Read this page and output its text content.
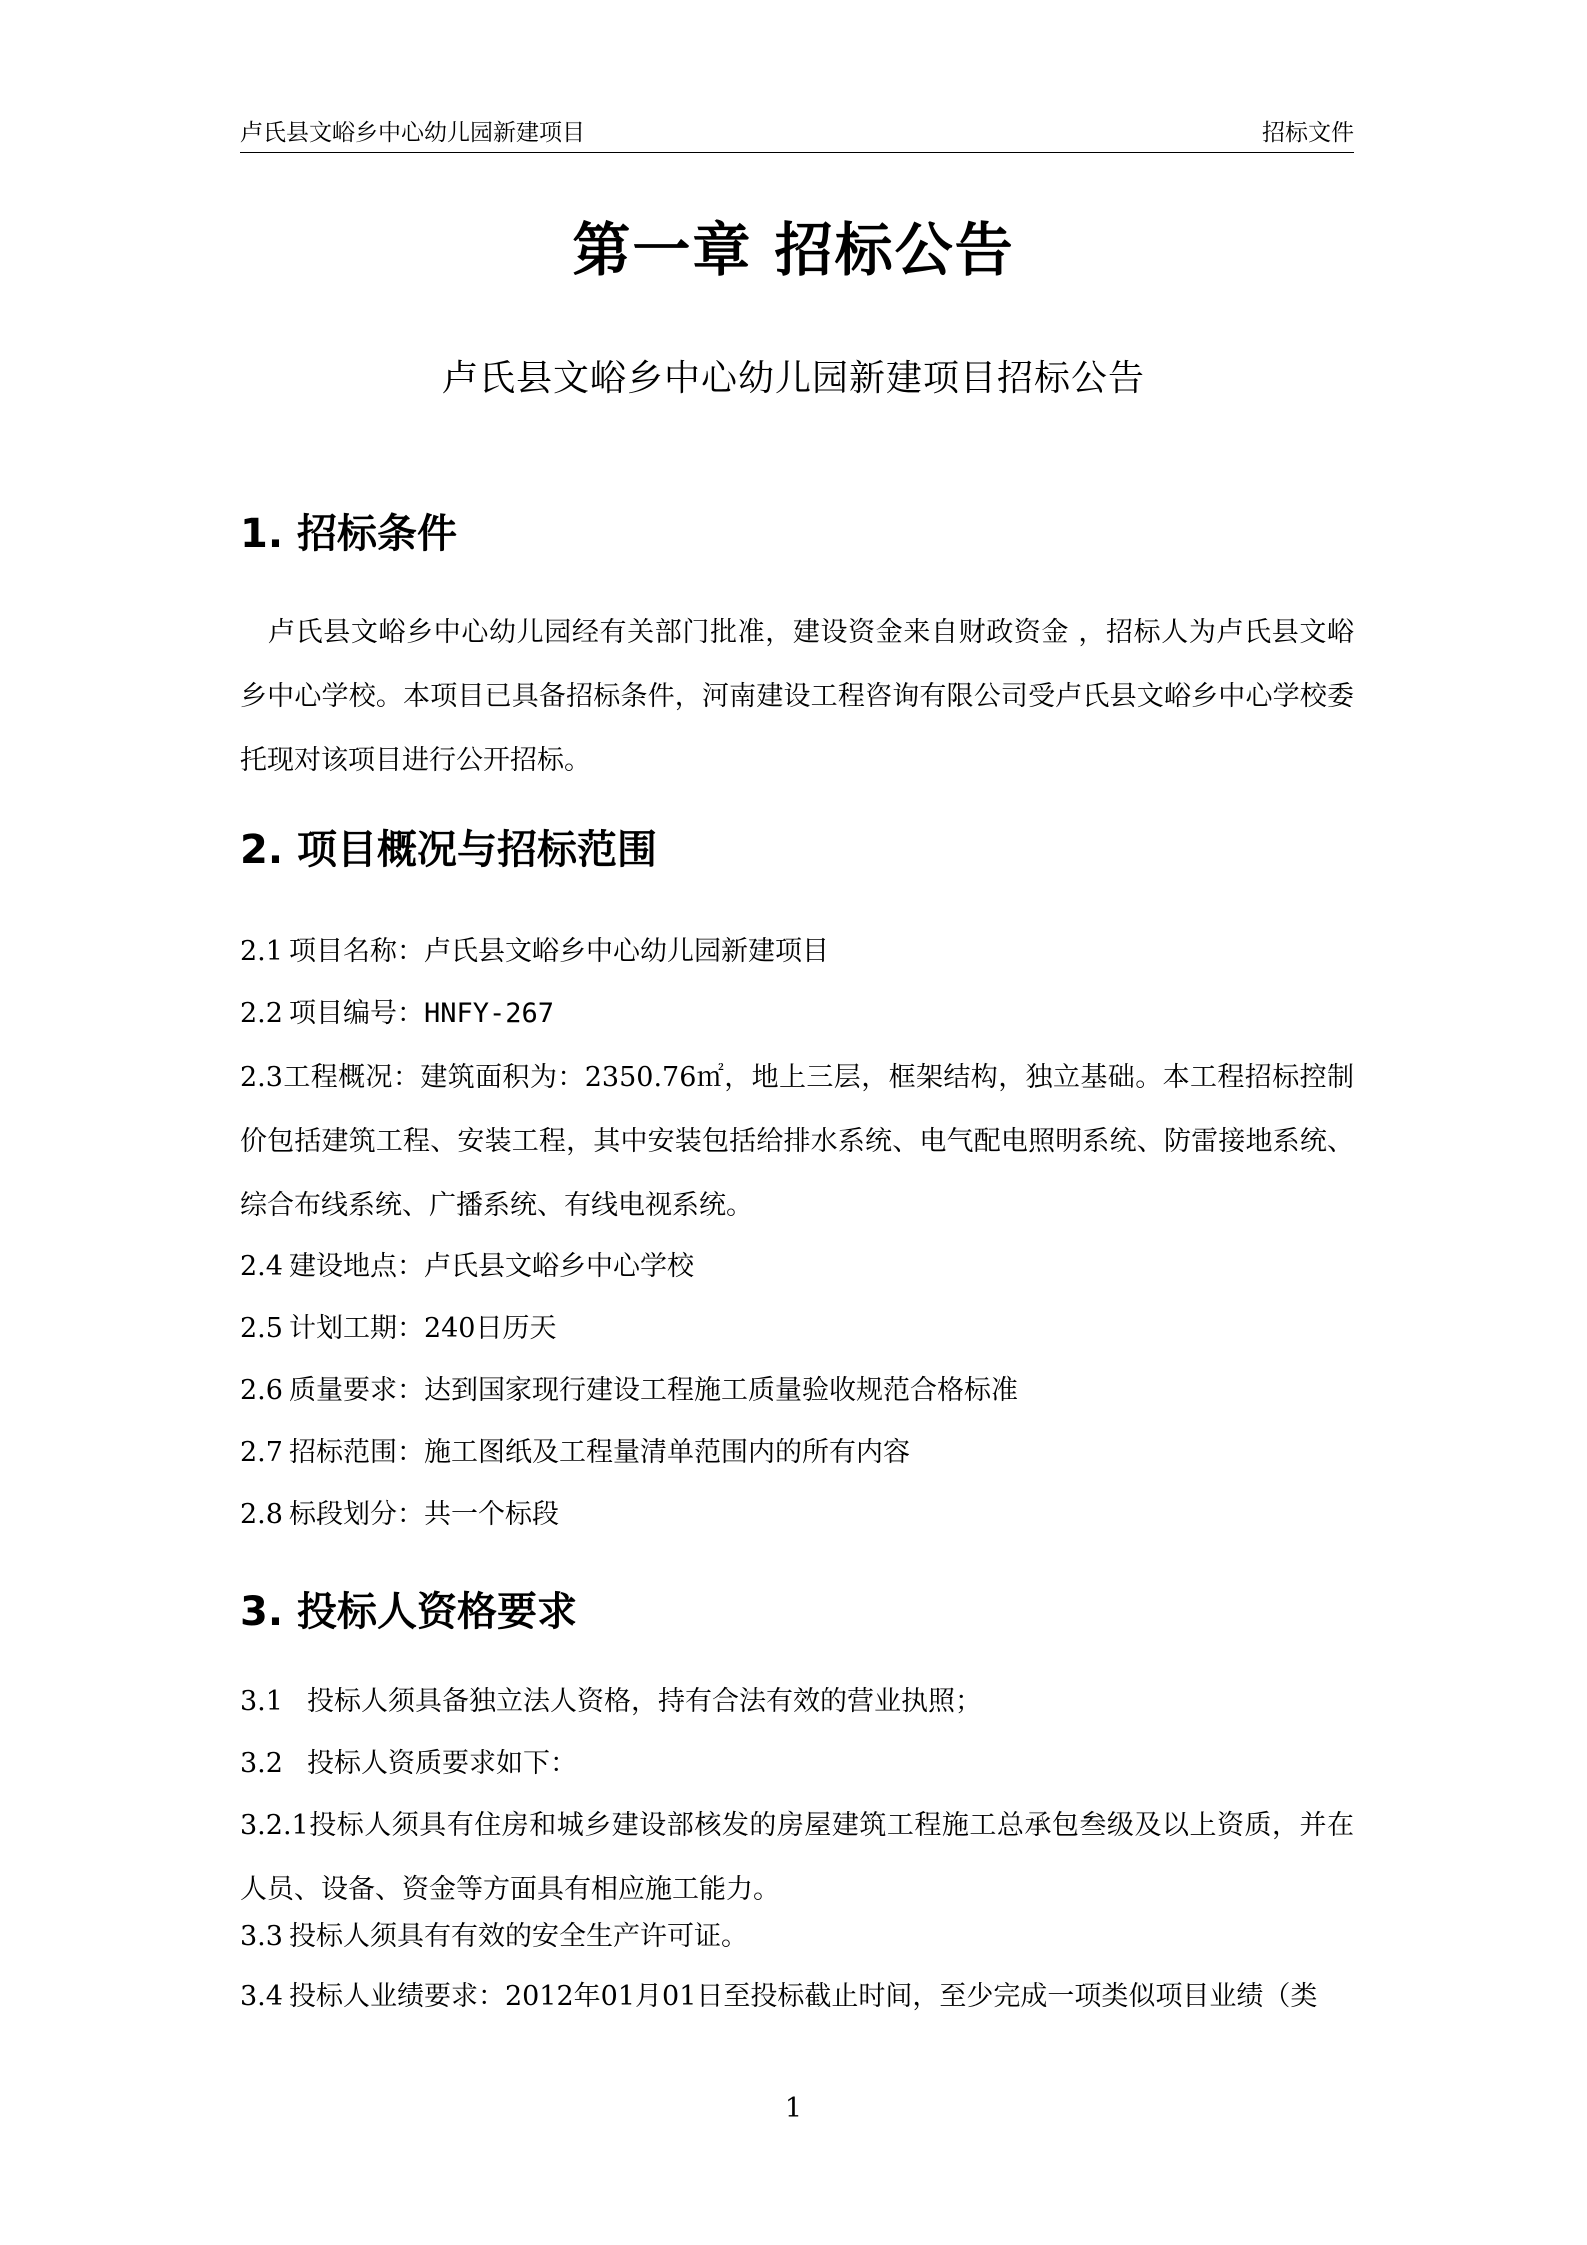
卢氏县文峪乡中心幼儿园新建项目	招标文件
第一章 招标公告
卢氏县文峪乡中心幼儿园新建项目招标公告
1. 招标条件
卢氏县文峪乡中心幼儿园经有关部门批准，建设资金来自财政资金 ，招标人为卢氏县文峪乡中心学校。本项目已具备招标条件，河南建设工程咨询有限公司受卢氏县文峪乡中心学校委托现对该项目进行公开招标。
2. 项目概况与招标范围
2.1 项目名称：卢氏县文峪乡中心幼儿园新建项目
2.2 项目编号：HNFY-267
2.3工程概况：建筑面积为：2350.76㎡，地上三层，框架结构，独立基础。本工程招标控制价包括建筑工程、安装工程，其中安装包括给排水系统、电气配电照明系统、防雷接地系统、综合布线系统、广播系统、有线电视系统。
2.4 建设地点：卢氏县文峪乡中心学校
2.5 计划工期：240日历天
2.6 质量要求：达到国家现行建设工程施工质量验收规范合格标准
2.7 招标范围：施工图纸及工程量清单范围内的所有内容
2.8 标段划分：共一个标段
3. 投标人资格要求
3.1 投标人须具备独立法人资格，持有合法有效的营业执照；
3.2 投标人资质要求如下：
3.2.1投标人须具有住房和城乡建设部核发的房屋建筑工程施工总承包叁级及以上资质，并在人员、设备、资金等方面具有相应施工能力。
3.3 投标人须具有有效的安全生产许可证。
3.4 投标人业绩要求：2012年01月01日至投标截止时间，至少完成一项类似项目业绩（类
1
